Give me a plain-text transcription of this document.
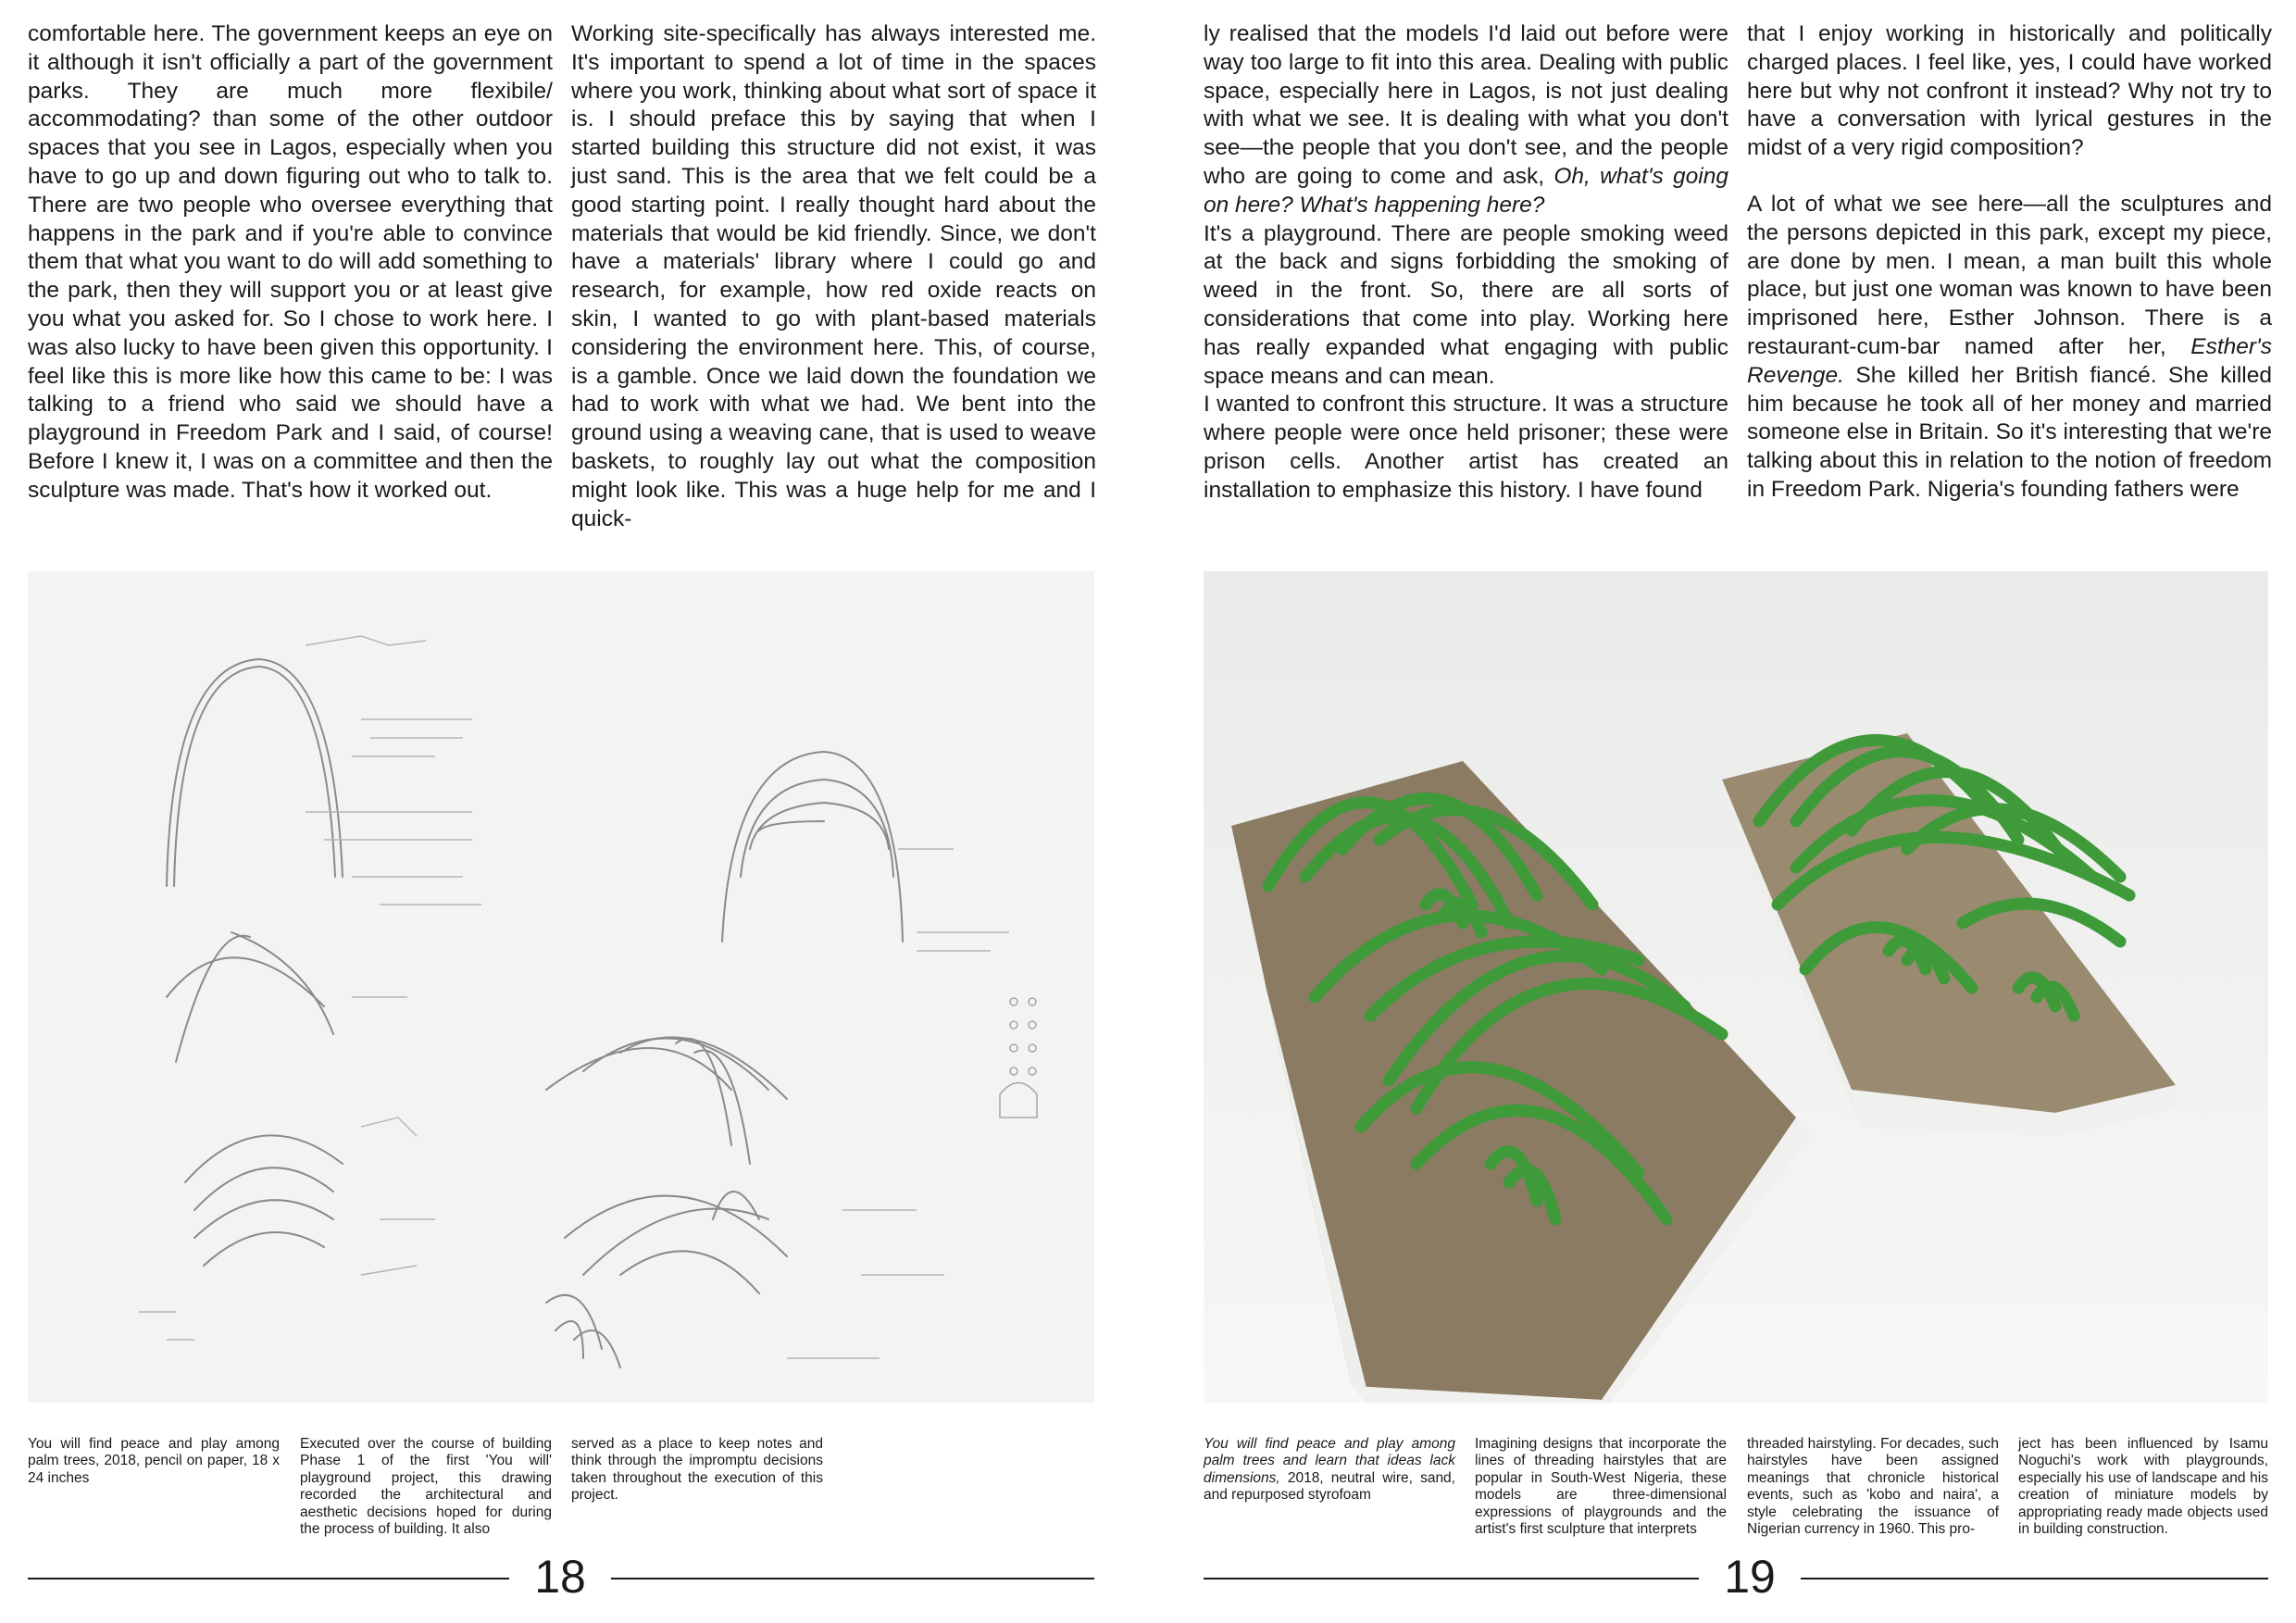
comfortable here. The government keeps an eye on it although it isn't officially a part of the government parks. They are much more flexibile/ accommodating? than some of the other outdoor spaces that you see in Lagos, especially when you have to go up and down figuring out who to talk to. There are two people who oversee everything that happens in the park and if you're able to convince them that what you want to do will add something to the park, then they will support you or at least give you what you asked for. So I chose to work here. I was also lucky to have been given this opportunity. I feel like this is more like how this came to be: I was talking to a friend who said we should have a playground in Freedom Park and I said, of course! Before I knew it, I was on a committee and then the sculpture was made. That's how it worked out.

Working site-specifically has always interested me. It's important to spend a lot of time in the spaces where you work, thinking about what sort of space it is. I should preface this by saying that when I started building this structure did not exist, it was just sand. This is the area that we felt could be a good starting point. I really thought hard about the materials that would be kid friendly. Since, we don't have a materials' library where I could go and research, for example, how red oxide reacts on skin, I wanted to go with plant-based materials considering the environment here. This, of course, is a gamble. Once we laid down the foundation we had to work with what we had. We bent into the ground using a weaving cane, that is used to weave baskets, to roughly lay out what the composition might look like. This was a huge help for me and I quick-

ly realised that the models I'd laid out before were way too large to fit into this area. Dealing with public space, especially here in Lagos, is not just dealing with what we see. It is dealing with what you don't see—the people that you don't see, and the people who are going to come and ask, Oh, what's going on here? What's happening here?

It's a playground. There are people smoking weed at the back and signs forbidding the smoking of weed in the front. So, there are all sorts of considerations that come into play. Working here has really expanded what engaging with public space means and can mean.

I wanted to confront this structure. It was a structure where people were once held prisoner; these were prison cells. Another artist has created an installation to emphasize this history. I have found

that I enjoy working in historically and politically charged places. I feel like, yes, I could have worked here but why not confront it instead? Why not try to have a conversation with lyrical gestures in the midst of a very rigid composition?

A lot of what we see here—all the sculptures and the persons depicted in this park, except my piece, are done by men. I mean, a man built this whole place, but just one woman was known to have been imprisoned here, Esther Johnson. There is a restaurant-cum-bar named after her, Esther's Revenge. She killed her British fiancé. She killed him because he took all of her money and married someone else in Britain. So it's interesting that we're talking about this in relation to the notion of freedom in Freedom Park. Nigeria's founding fathers were

You will find peace and play among palm trees, 2018, pencil on paper, 18 x 24 inches
Executed over the course of building Phase 1 of the first 'You will' playground project, this drawing recorded the architectural and aesthetic decisions hoped for during the process of building. It also
served as a place to keep notes and think through the impromptu decisions taken throughout the execution of this project.
You will find peace and play among palm trees and learn that ideas lack dimensions, 2018, neutral wire, sand, and repurposed styrofoam
Imagining designs that incorporate the lines of threading hairstyles that are popular in South-West Nigeria, these models are three-dimensional expressions of playgrounds and the artist's first sculpture that interprets
threaded hairstyling. For decades, such hairstyles have been assigned meanings that chronicle historical events, such as 'kobo and naira', a style celebrating the issuance of Nigerian currency in 1960. This pro-
ject has been influenced by Isamu Noguchi's work with playgrounds, especially his use of landscape and his creation of miniature models by appropriating ready made objects used in building construction.
18	19
